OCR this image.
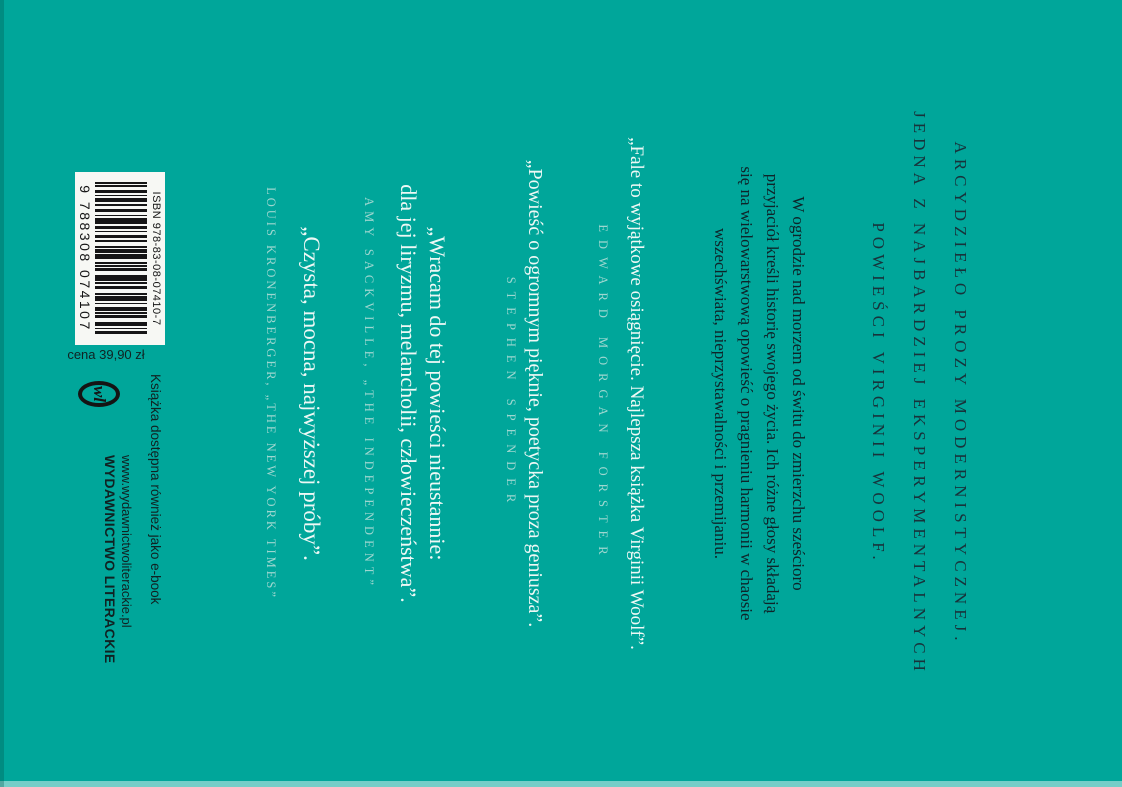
ARCYDZIEŁO PROZY MODERNISTYCZNEJ.
JEDNA Z NAJBARDZIEJ EKSPERYMENTALNYCH
POWIEŚCI VIRGINII WOOLF.
W ogrodzie nad morzem od świtu do zmierzchu sześcioro
przyjaciół kreśli historię swojego życia. Ich różne głosy składają
się na wielowarstwową opowieść o pragnieniu harmonii w chaosie
wszechświata, nieprzystawalności i przemijaniu.
„Fale to wyjątkowe osiągnięcie. Najlepsza książka Virginii Woolf”.
EDWARD MORGAN FORSTER
„Powieść o ogromnym pięknie, poetycka proza geniusza”.
STEPHEN SPENDER
„Wracam do tej powieści nieustannie:
dla jej liryzmu, melancholii, człowieczeństwa”.
AMY SACKVILLE, „THE INDEPENDENT”
„Czysta, mocna, najwyższej próby”.
LOUIS KRONENBERGER, „THE NEW YORK TIMES”
ISBN 978-83-08-07410-7
9 788308 074107
cena 39,90 zł
Książka dostępna również jako e-book
wl
www.wydawnictwoliterackie.pl
WYDAWNICTWO LITERACKIE
